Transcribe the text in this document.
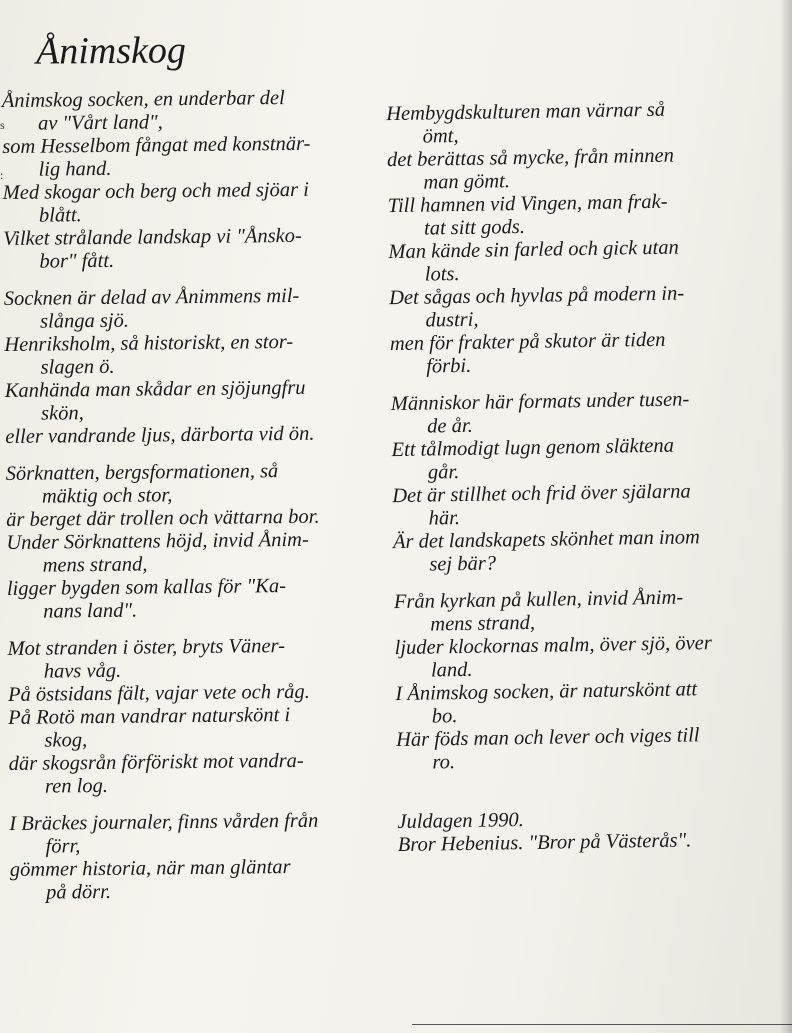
s
:
Ånimskog
Ånimskog socken, en underbar del
av "Vårt land",
som Hesselbom fångat med konstnär-
lig hand.
Med skogar och berg och med sjöar i
blått.
Vilket strålande landskap vi "Ånsko-
bor" fått.
Socknen är delad av Ånimmens mil-
slånga sjö.
Henriksholm, så historiskt, en stor-
slagen ö.
Kanhända man skådar en sjöjungfru
skön,
eller vandrande ljus, därborta vid ön.
Sörknatten, bergsformationen, så
mäktig och stor,
är berget där trollen och vättarna bor.
Under Sörknattens höjd, invid Ånim-
mens strand,
ligger bygden som kallas för "Ka-
nans land".
Mot stranden i öster, bryts Väner-
havs våg.
På östsidans fält, vajar vete och råg.
På Rotö man vandrar naturskönt i
skog,
där skogsrån förföriskt mot vandra-
ren log.
I Bräckes journaler, finns vården från
förr,
gömmer historia, när man gläntar
på dörr.
Hembygdskulturen man värnar så
ömt,
det berättas så mycke, från minnen
man gömt.
Till hamnen vid Vingen, man frak-
tat sitt gods.
Man kände sin farled och gick utan
lots.
Det sågas och hyvlas på modern in-
dustri,
men för frakter på skutor är tiden
förbi.
Människor här formats under tusen-
de år.
Ett tålmodigt lugn genom släktena
går.
Det är stillhet och frid över själarna
här.
Är det landskapets skönhet man inom
sej bär?
Från kyrkan på kullen, invid Ånim-
mens strand,
ljuder klockornas malm, över sjö, över
land.
I Ånimskog socken, är naturskönt att
bo.
Här föds man och lever och viges till
ro.
Juldagen 1990.
Bror Hebenius. "Bror på Västerås".
